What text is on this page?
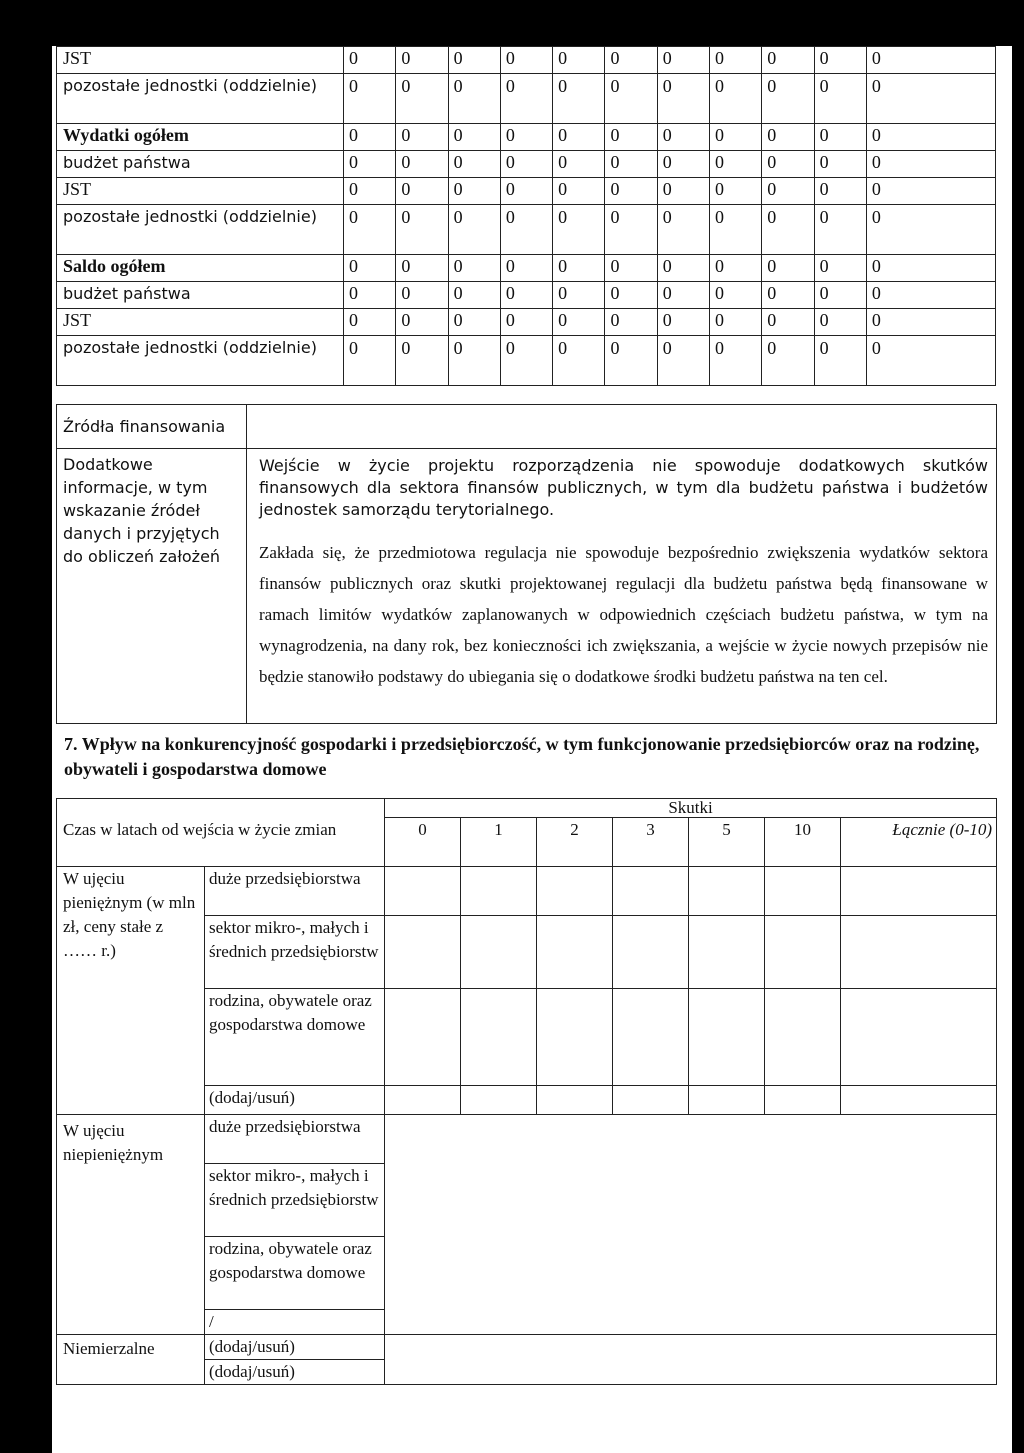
JST	0	0	0	0	0	0	0	0	0	0	0
pozostałe jednostki (oddzielnie)	0	0	0	0	0	0	0	0	0	0	0
Wydatki ogółem	0	0	0	0	0	0	0	0	0	0	0
budżet państwa	0	0	0	0	0	0	0	0	0	0	0
JST	0	0	0	0	0	0	0	0	0	0	0
pozostałe jednostki (oddzielnie)	0	0	0	0	0	0	0	0	0	0	0
Saldo ogółem	0	0	0	0	0	0	0	0	0	0	0
budżet państwa	0	0	0	0	0	0	0	0	0	0	0
JST	0	0	0	0	0	0	0	0	0	0	0
pozostałe jednostki (oddzielnie)	0	0	0	0	0	0	0	0	0	0	0
Źródła finansowania	
Dodatkowe informacje, w tym wskazanie źródeł danych i przyjętych do obliczeń założeń	Wejście w życie projektu rozporządzenia nie spowoduje dodatkowych skutków finansowych dla sektora finansów publicznych, w tym dla budżetu państwa i budżetów jednostek samorządu terytorialnego.

Zakłada się, że przedmiotowa regulacja nie spowoduje bezpośrednio zwiększenia wydatków sektora finansów publicznych oraz skutki projektowanej regulacji dla budżetu państwa będą finansowane w ramach limitów wydatków zaplanowanych w odpowiednich częściach budżetu państwa, w tym na wynagrodzenia, na dany rok, bez konieczności ich zwiększania, a wejście w życie nowych przepisów nie będzie stanowiło podstawy do ubiegania się o dodatkowe środki budżetu państwa na ten cel.

7. Wpływ na konkurencyjność gospodarki i przedsiębiorczość, w tym funkcjonowanie przedsiębiorców oraz na rodzinę, obywateli i gospodarstwa domowe
		Skutki						
Czas w latach od wejścia w życie zmian		0	1	2	3	5	10	Łącznie (0-10)
W ujęciu pieniężnym (w mln zł, ceny stałe z …… r.)	duże przedsiębiorstwa							
	sektor mikro-, małych i średnich przedsiębiorstw							
	rodzina, obywatele oraz gospodarstwa domowe							
	(dodaj/usuń)							
W ujęciu niepieniężnym	duże przedsiębiorstwa							
	sektor mikro-, małych i średnich przedsiębiorstw							
	rodzina, obywatele oraz gospodarstwa domowe							
	/							
Niemierzalne	(dodaj/usuń)							
	(dodaj/usuń)							
